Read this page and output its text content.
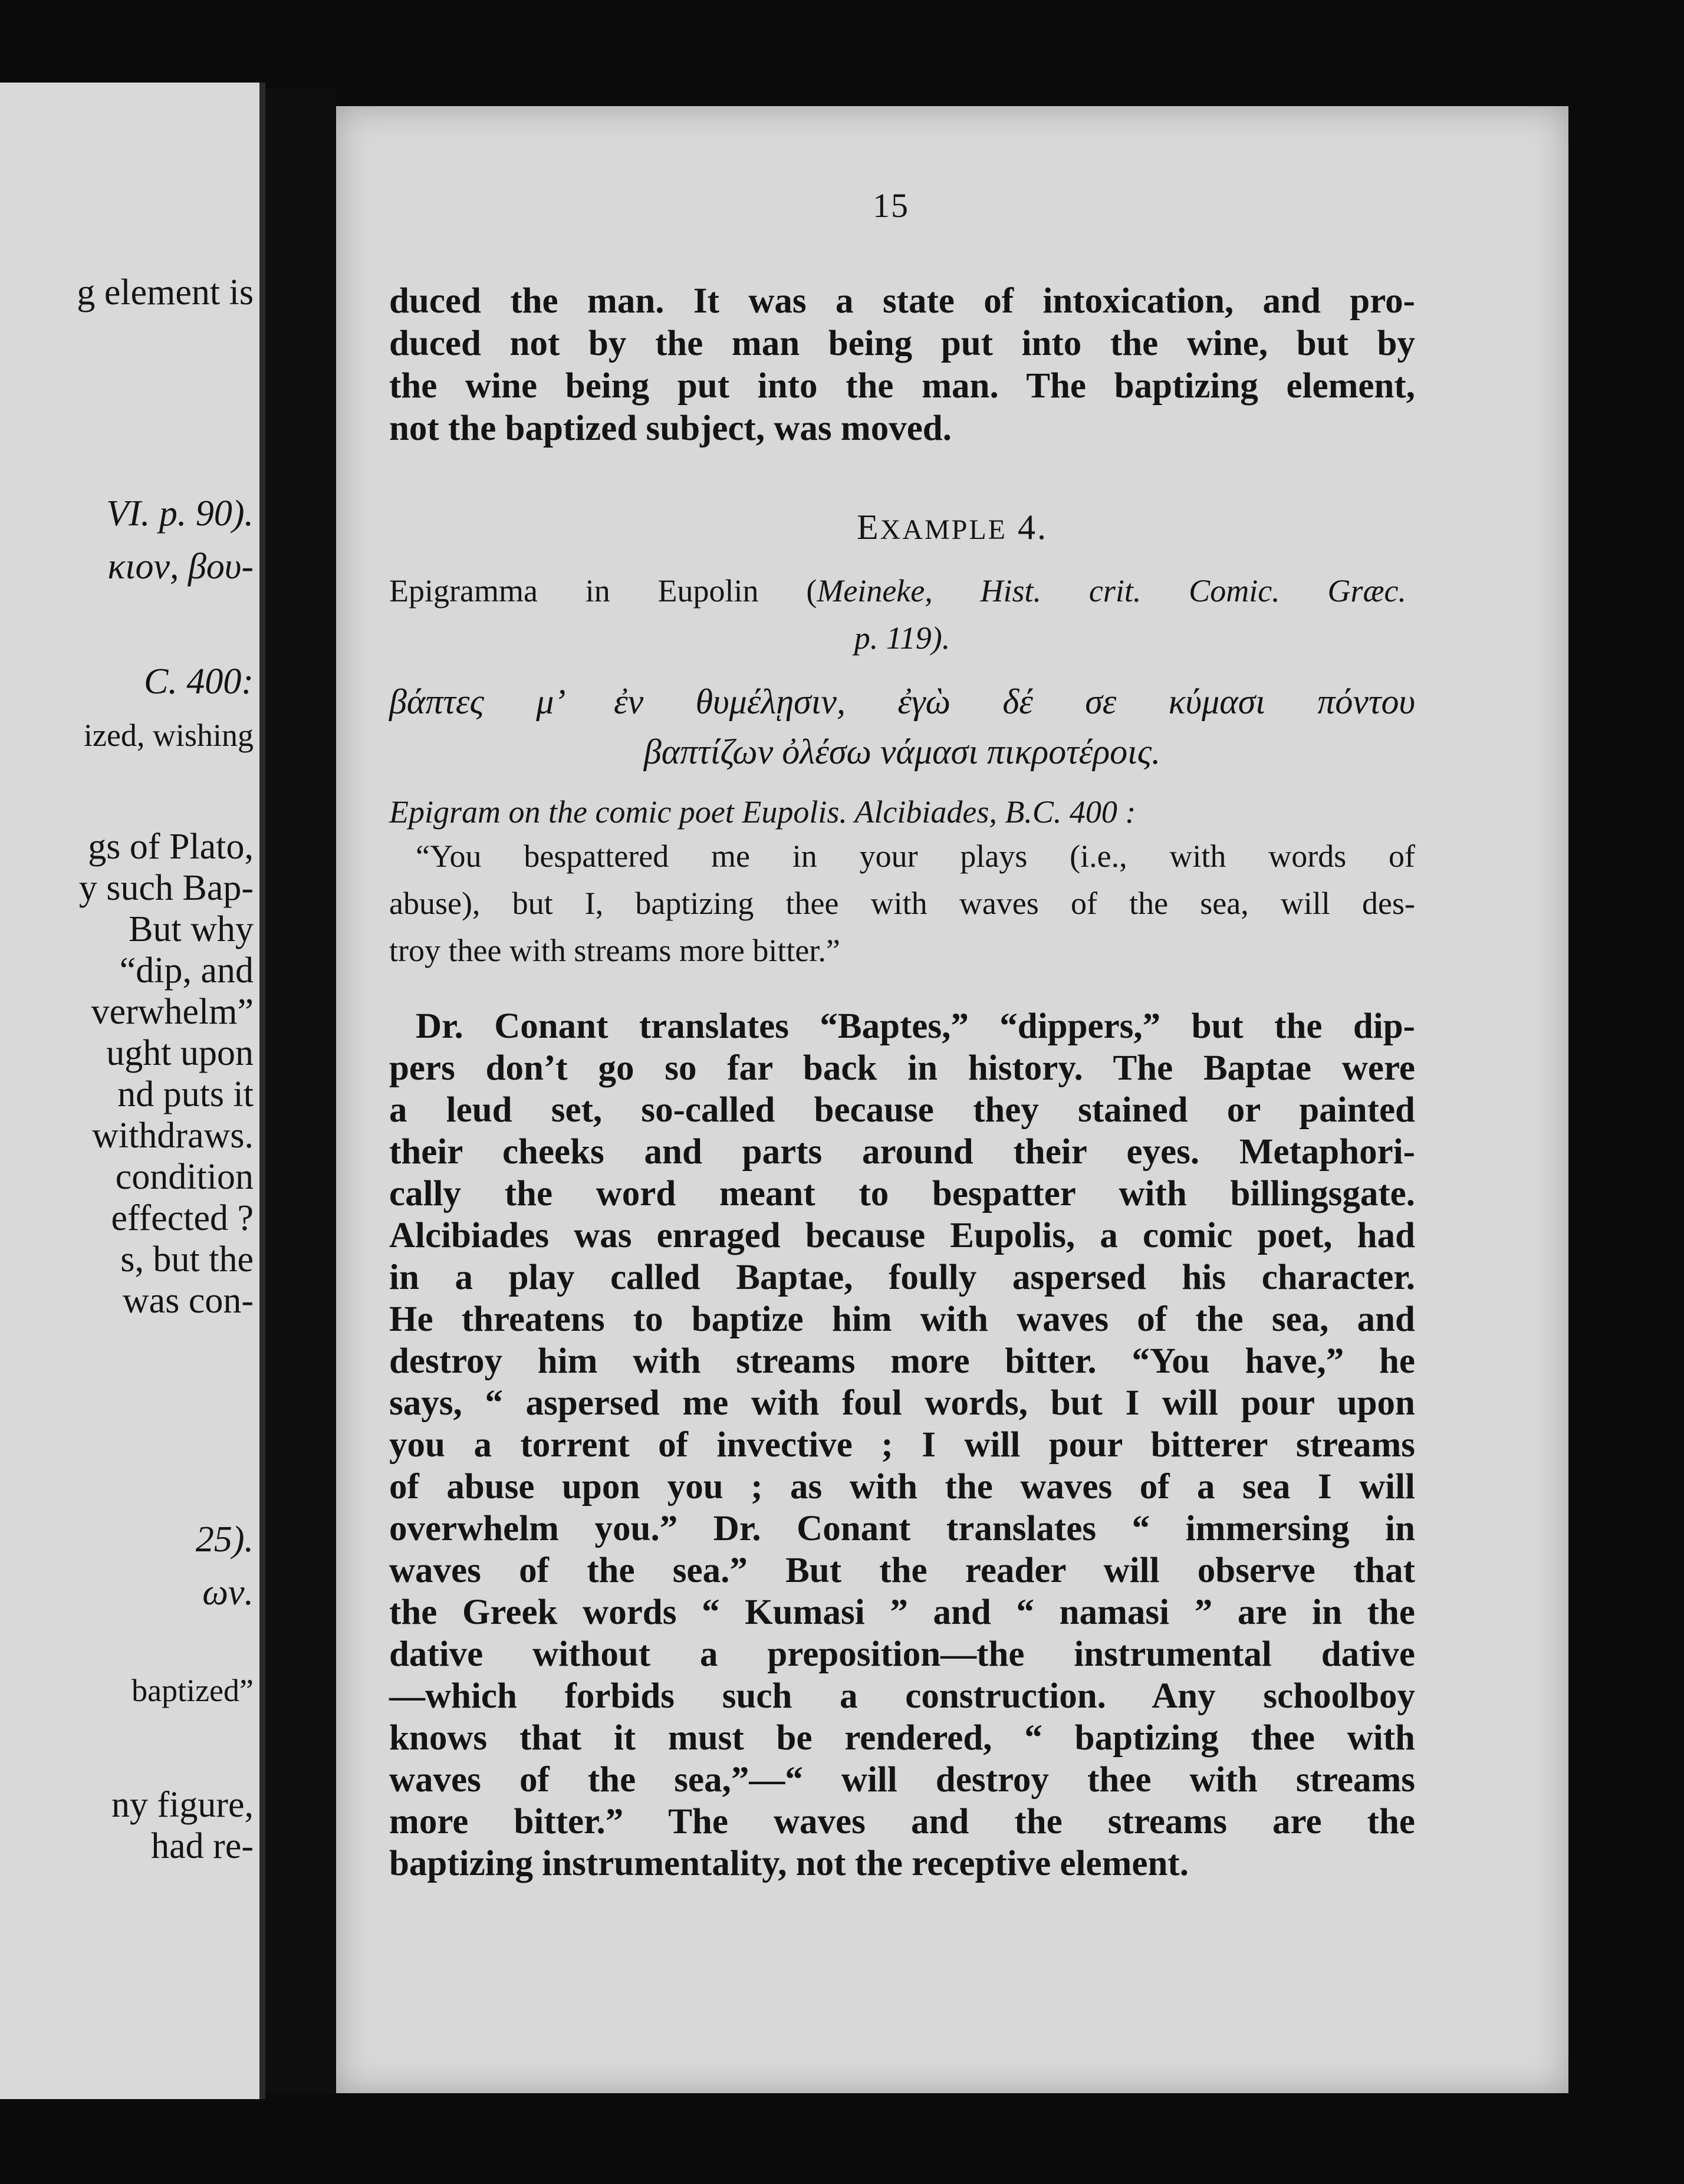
g element is
VI. p. 90).
κιον, βου-
C. 400:
ized, wishing
gs of Plato,
y such Bap-
But why
“dip, and
verwhelm”
ught upon
nd puts it
withdraws.
condition
effected ?
s, but the
was con-
25).
ων.
baptized”
ny figure,
had re-
15
duced the man. It was a state of intoxication, and pro-
duced not by the man being put into the wine, but by
the wine being put into the man. The baptizing element,
not the baptized subject, was moved.
EXAMPLE 4.
Epigramma in Eupolin (Meineke, Hist. crit. Comic. Græc.
p. 119).
βάπτες μ’ ἐν θυμέλῃσιν, ἐγὼ δέ σε κύμασι πόντου
βαπτίζων ὀλέσω νάμασι πικροτέροις.
Epigram on the comic poet Eupolis. Alcibiades, B.C. 400 :
“You bespattered me in your plays (i.e., with words of
abuse), but I, baptizing thee with waves of the sea, will des-
troy thee with streams more bitter.”
Dr. Conant translates “Baptes,” “dippers,” but the dip-
pers don’t go so far back in history. The Baptae were
a leud set, so-called because they stained or painted
their cheeks and parts around their eyes. Metaphori-
cally the word meant to bespatter with billingsgate.
Alcibiades was enraged because Eupolis, a comic poet, had
in a play called Baptae, foully aspersed his character.
He threatens to baptize him with waves of the sea, and
destroy him with streams more bitter. “You have,” he
says, “ aspersed me with foul words, but I will pour upon
you a torrent of invective ; I will pour bitterer streams
of abuse upon you ; as with the waves of a sea I will
overwhelm you.” Dr. Conant translates “ immersing in
waves of the sea.” But the reader will observe that
the Greek words “ Kumasi ” and “ namasi ” are in the
dative without a preposition—the instrumental dative
—which forbids such a construction. Any schoolboy
knows that it must be rendered, “ baptizing thee with
waves of the sea,”—“ will destroy thee with streams
more bitter.” The waves and the streams are the
baptizing instrumentality, not the receptive element.
